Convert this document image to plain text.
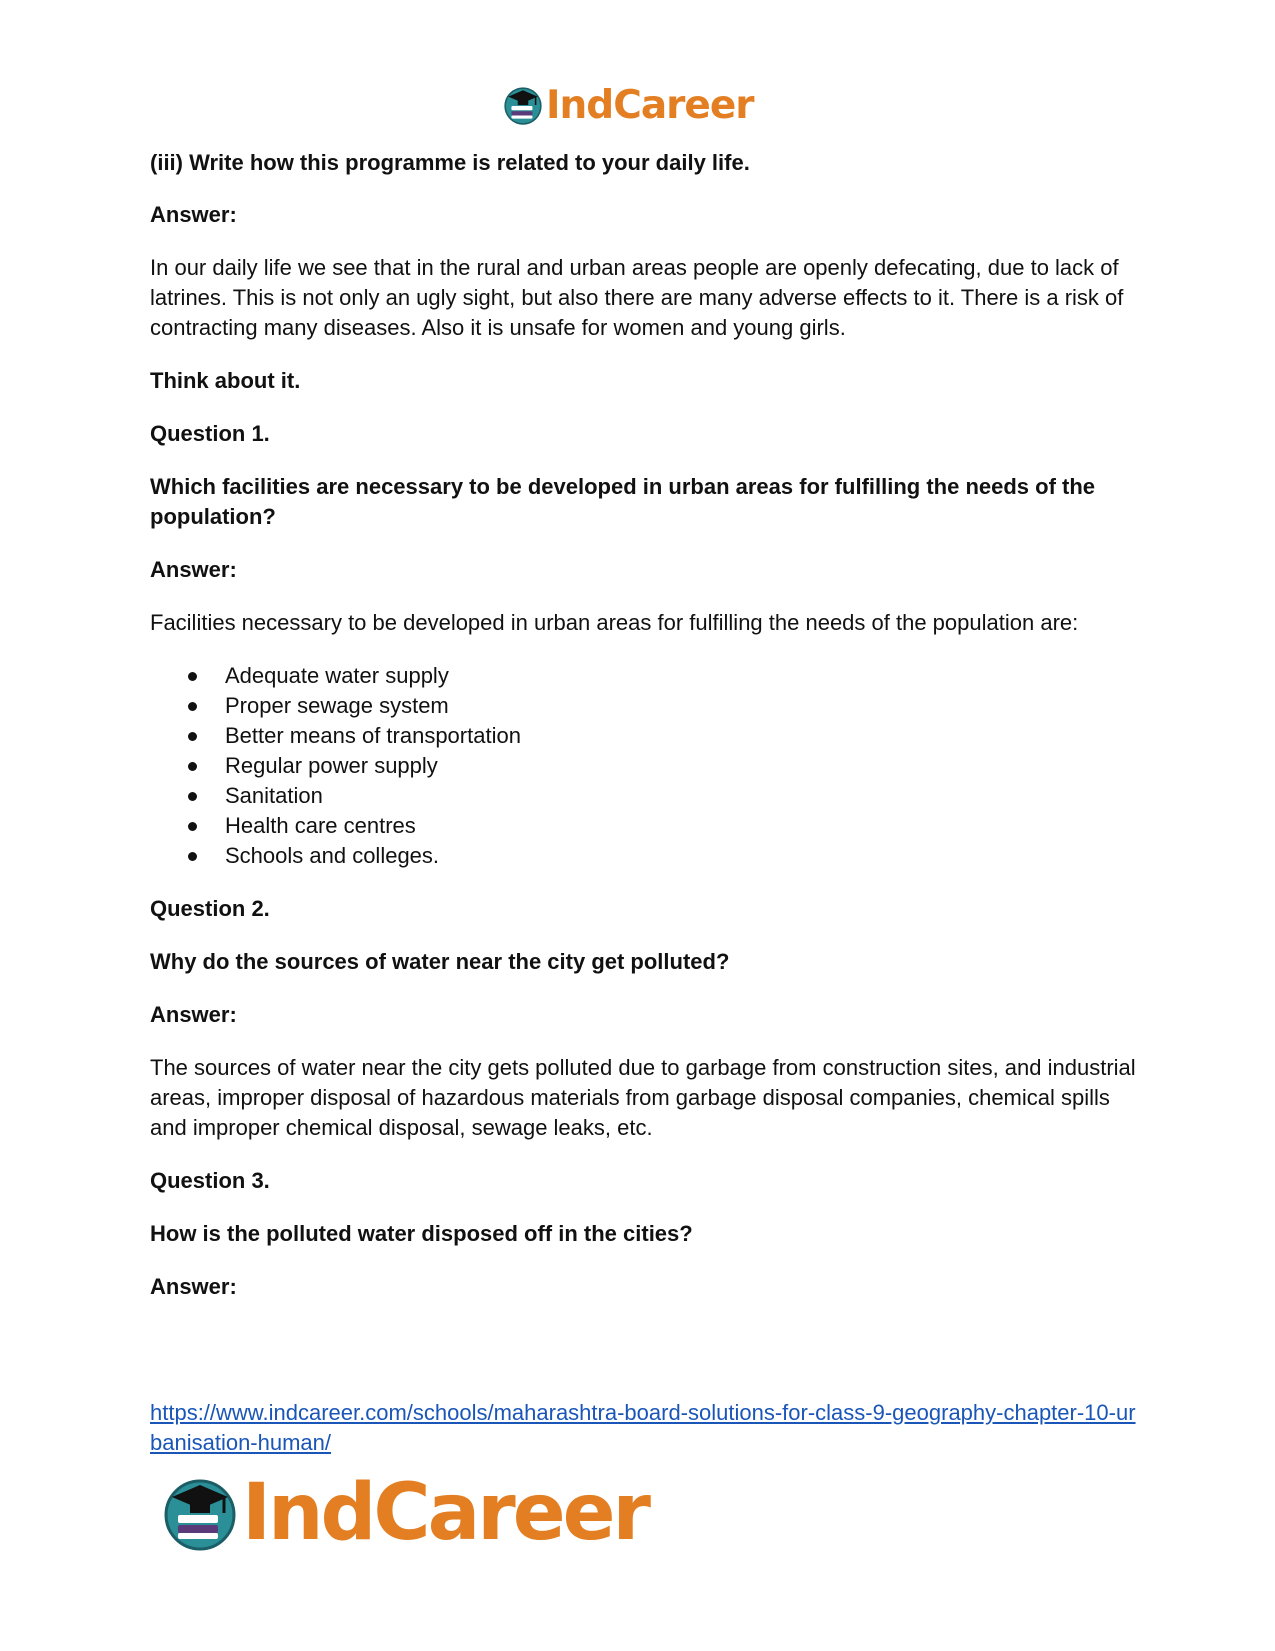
IndCareer

(iii) Write how this programme is related to your daily life.

Answer:

In our daily life we see that in the rural and urban areas people are openly defecating, due to lack of latrines. This is not only an ugly sight, but also there are many adverse effects to it. There is a risk of contracting many diseases. Also it is unsafe for women and young girls.

Think about it.

Question 1.

Which facilities are necessary to be developed in urban areas for fulfilling the needs of the population?

Answer:

Facilities necessary to be developed in urban areas for fulfilling the needs of the population are:

Adequate water supply
Proper sewage system
Better means of transportation
Regular power supply
Sanitation
Health care centres
Schools and colleges.

Question 2.

Why do the sources of water near the city get polluted?

Answer:

The sources of water near the city gets polluted due to garbage from construction sites, and industrial areas, improper disposal of hazardous materials from garbage disposal companies, chemical spills and improper chemical disposal, sewage leaks, etc.

Question 3.

How is the polluted water disposed off in the cities?

Answer:

https://www.indcareer.com/schools/maharashtra-board-solutions-for-class-9-geography-chapter-10-urbanisation-human/
IndCareer
